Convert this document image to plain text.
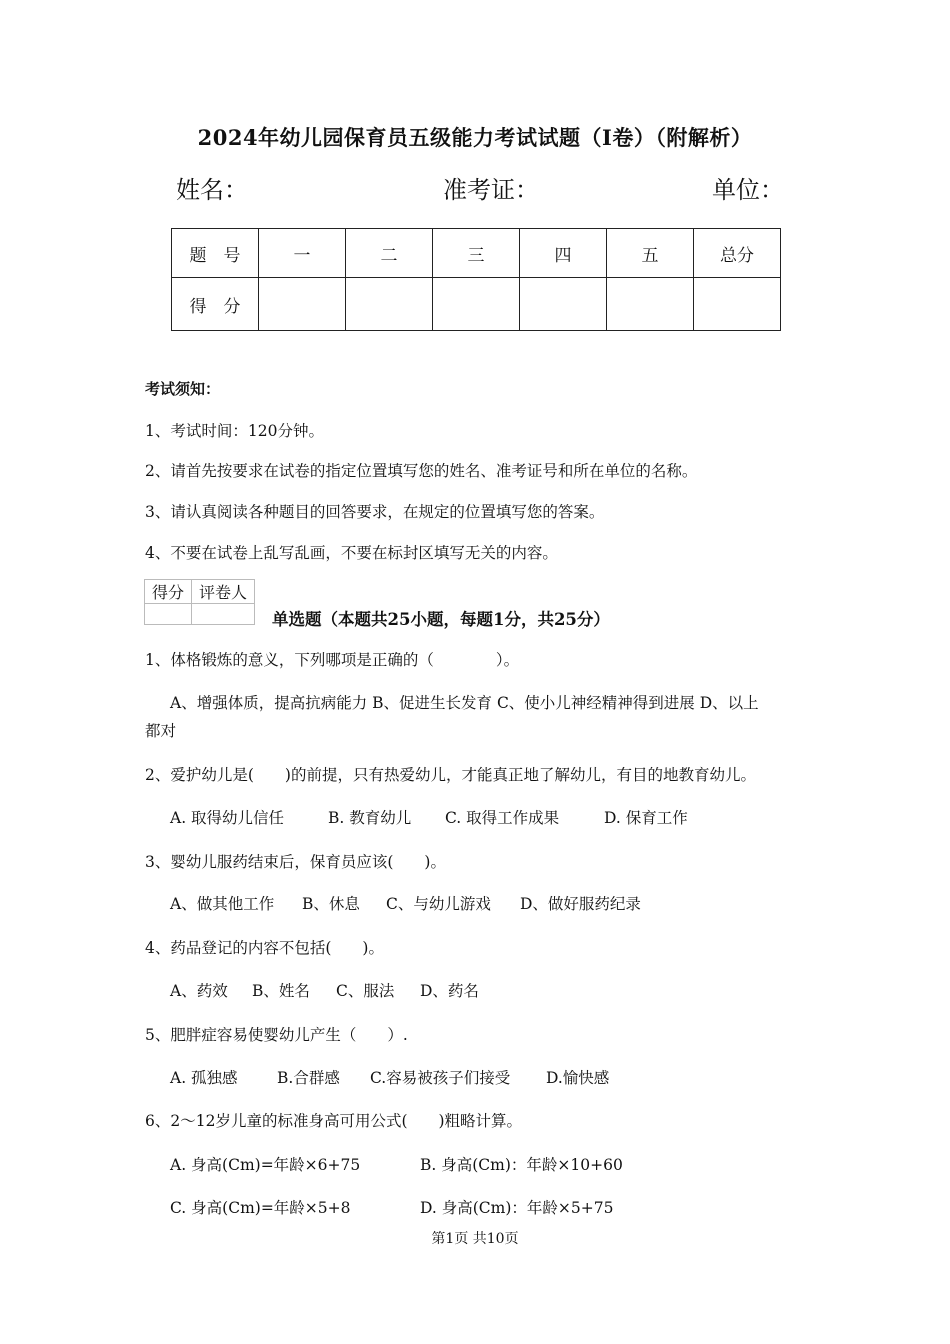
2024年幼儿园保育员五级能力考试试题（I卷）（附解析）
姓名：	准考证：	单位：
题　号	一	二	三	四	五	总分
得　分						
考试须知：
1、考试时间：120分钟。
2、请首先按要求在试卷的指定位置填写您的姓名、准考证号和所在单位的名称。
3、请认真阅读各种题目的回答要求，在规定的位置填写您的答案。
4、不要在试卷上乱写乱画，不要在标封区填写无关的内容。
得分	评卷人

单选题（本题共25小题，每题1分，共25分）
1、体格锻炼的意义，下列哪项是正确的（　　　　）。
A、增强体质，提高抗病能力 B、促进生长发育 C、使小儿神经精神得到进展 D、以上
都对
2、爱护幼儿是(　　)的前提，只有热爱幼儿，才能真正地了解幼儿，有目的地教育幼儿。
A. 取得幼儿信任	B. 教育幼儿 C. 取得工作成果	D. 保育工作
3、婴幼儿服药结束后，保育员应该(　　)。
A、做其他工作 B、休息 C、与幼儿游戏 D、做好服药纪录
4、药品登记的内容不包括(　　)。
A、药效 B、姓名 C、服法 D、药名
5、肥胖症容易使婴幼儿产生（　　）.
A. 孤独感	B.合群感 C.容易被孩子们接受 D.愉快感
6、2～12岁儿童的标准身高可用公式(　　)粗略计算。
A. 身高(Cm)=年龄×6+75	B. 身高(Cm)：年龄×10+60
C. 身高(Cm)=年龄×5+8	D. 身高(Cm)：年龄×5+75
第1页 共10页
